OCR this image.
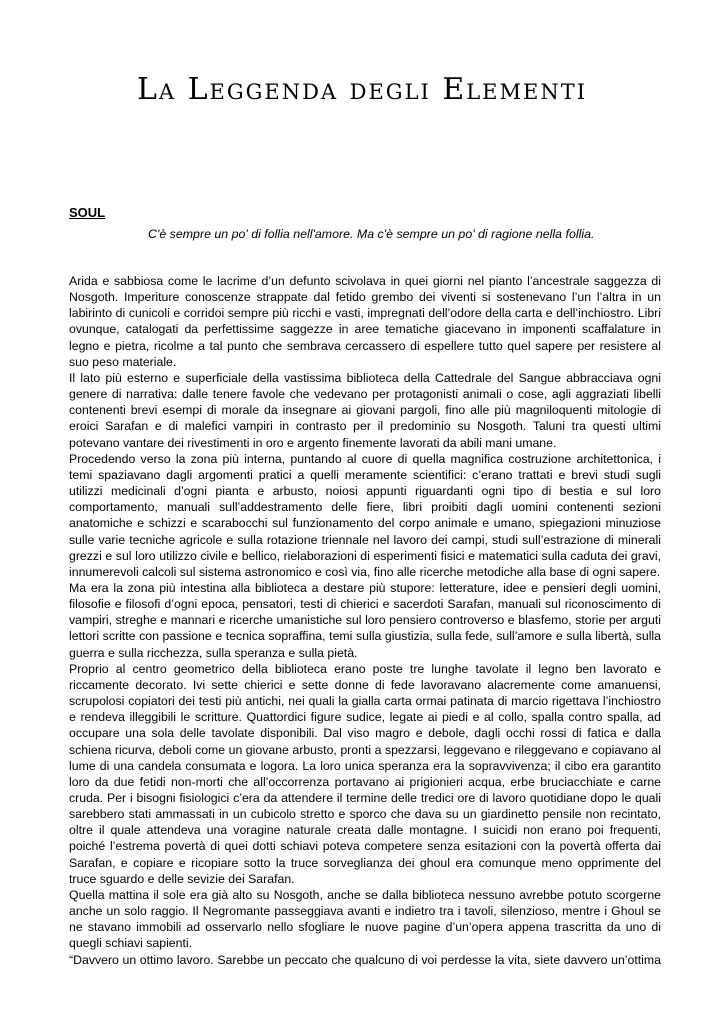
La Leggenda degli Elementi
SOUL
C'è sempre un po' di follia nell'amore. Ma c'è sempre un po' di ragione nella follia.

Arida e sabbiosa come le lacrime d’un defunto scivolava in quei giorni nel pianto l’ancestrale saggezza di Nosgoth. Imperiture conoscenze strappate dal fetido grembo dei viventi si sostenevano l’un l’altra in un labirinto di cunicoli e corridoi sempre più ricchi e vasti, impregnati dell’odore della carta e dell’inchiostro. Libri ovunque, catalogati da perfettissime saggezze in aree tematiche giacevano in imponenti scaffalature in legno e pietra, ricolme a tal punto che sembrava cercassero di espellere tutto quel sapere per resistere al suo peso materiale.

Il lato più esterno e superficiale della vastissima biblioteca della Cattedrale del Sangue abbracciava ogni genere di narrativa: dalle tenere favole che vedevano per protagonisti animali o cose, agli aggraziati libelli contenenti brevi esempi di morale da insegnare ai giovani pargoli, fino alle più magniloquenti mitologie di eroici Sarafan e di malefici vampiri in contrasto per il predominio su Nosgoth. Taluni tra questi ultimi potevano vantare dei rivestimenti in oro e argento finemente lavorati da abili mani umane.

Procedendo verso la zona più interna, puntando al cuore di quella magnifica costruzione architettonica, i temi spaziavano dagli argomenti pratici a quelli meramente scientifici: c’erano trattati e brevi studi sugli utilizzi medicinali d’ogni pianta e arbusto, noiosi appunti riguardanti ogni tipo di bestia e sul loro comportamento, manuali sull’addestramento delle fiere, libri proibiti dagli uomini contenenti sezioni anatomiche e schizzi e scarabocchi sul funzionamento del corpo animale e umano, spiegazioni minuziose sulle varie tecniche agricole e sulla rotazione triennale nel lavoro dei campi, studi sull’estrazione di minerali grezzi e sul loro utilizzo civile e bellico, rielaborazioni di esperimenti fisici e matematici sulla caduta dei gravi, innumerevoli calcoli sul sistema astronomico e così via, fino alle ricerche metodiche alla base di ogni sapere.

Ma era la zona più intestina alla biblioteca a destare più stupore: letterature, idee e pensieri degli uomini, filosofie e filosofi d’ogni epoca, pensatori, testi di chierici e sacerdoti Sarafan, manuali sul riconoscimento di vampiri, streghe e mannari e ricerche umanistiche sul loro pensiero controverso e blasfemo, storie per arguti lettori scritte con passione e tecnica sopraffina, temi sulla giustizia, sulla fede, sull’amore e sulla libertà, sulla guerra e sulla ricchezza, sulla speranza e sulla pietà.

Proprio al centro geometrico della biblioteca erano poste tre lunghe tavolate il legno ben lavorato e riccamente decorato. Ivi sette chierici e sette donne di fede lavoravano alacremente come amanuensi, scrupolosi copiatori dei testi più antichi, nei quali la gialla carta ormai patinata di marcio rigettava l’inchiostro e rendeva illeggibili le scritture. Quattordici figure sudice, legate ai piedi e al collo, spalla contro spalla, ad occupare una sola delle tavolate disponibili. Dal viso magro e debole, dagli occhi rossi di fatica e dalla schiena ricurva, deboli come un giovane arbusto, pronti a spezzarsi, leggevano e rileggevano e copiavano al lume di una candela consumata e logora. La loro unica speranza era la sopravvivenza; il cibo era garantito loro da due fetidi non-morti che all’occorrenza portavano ai prigionieri acqua, erbe bruciacchiate e carne cruda. Per i bisogni fisiologici c’era da attendere il termine delle tredici ore di lavoro quotidiane dopo le quali sarebbero stati ammassati in un cubicolo stretto e sporco che dava su un giardinetto pensile non recintato, oltre il quale attendeva una voragine naturale creata dalle montagne. I suicidi non erano poi frequenti, poiché l’estrema povertà di quei dotti schiavi poteva competere senza esitazioni con la povertà offerta dai Sarafan, e copiare e ricopiare sotto la truce sorveglianza dei ghoul era comunque meno opprimente del truce sguardo e delle sevizie dei Sarafan.

Quella mattina il sole era già alto su Nosgoth, anche se dalla biblioteca nessuno avrebbe potuto scorgerne anche un solo raggio. Il Negromante passeggiava avanti e indietro tra i tavoli, silenzioso, mentre i Ghoul se ne stavano immobili ad osservarlo nello sfogliare le nuove pagine d’un’opera appena trascritta da uno di quegli schiavi sapienti.

“Davvero un ottimo lavoro. Sarebbe un peccato che qualcuno di voi perdesse la vita, siete davvero un’ottima
